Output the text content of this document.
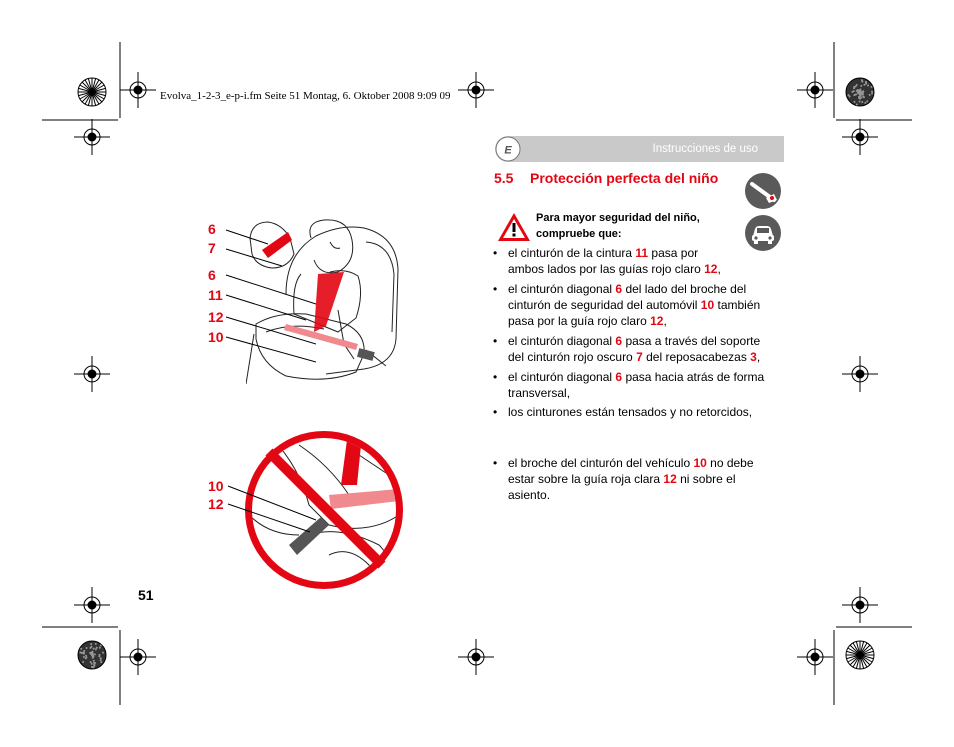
Evolva_1-2-3_e-p-i.fm Seite 51 Montag, 6. Oktober 2008 9:09 09
Instrucciones de uso
E
5.5 Protección perfecta del niño
Para mayor seguridad del niño,
compruebe que:
• el cinturón de la cintura 11 pasa por
ambos lados por las guías rojo claro 12,
• el cinturón diagonal 6 del lado del broche del
cinturón de seguridad del automóvil 10 también
pasa por la guía rojo claro 12,
• el cinturón diagonal 6 pasa a través del soporte
del cinturón rojo oscuro 7 del reposacabezas 3,
• el cinturón diagonal 6 pasa hacia atrás de forma
transversal,
• los cinturones están tensados y no retorcidos,
• el broche del cinturón del vehículo 10 no debe
estar sobre la guía roja clara 12 ni sobre el
asiento.
6
7
6
11
12
10
10
12
51
